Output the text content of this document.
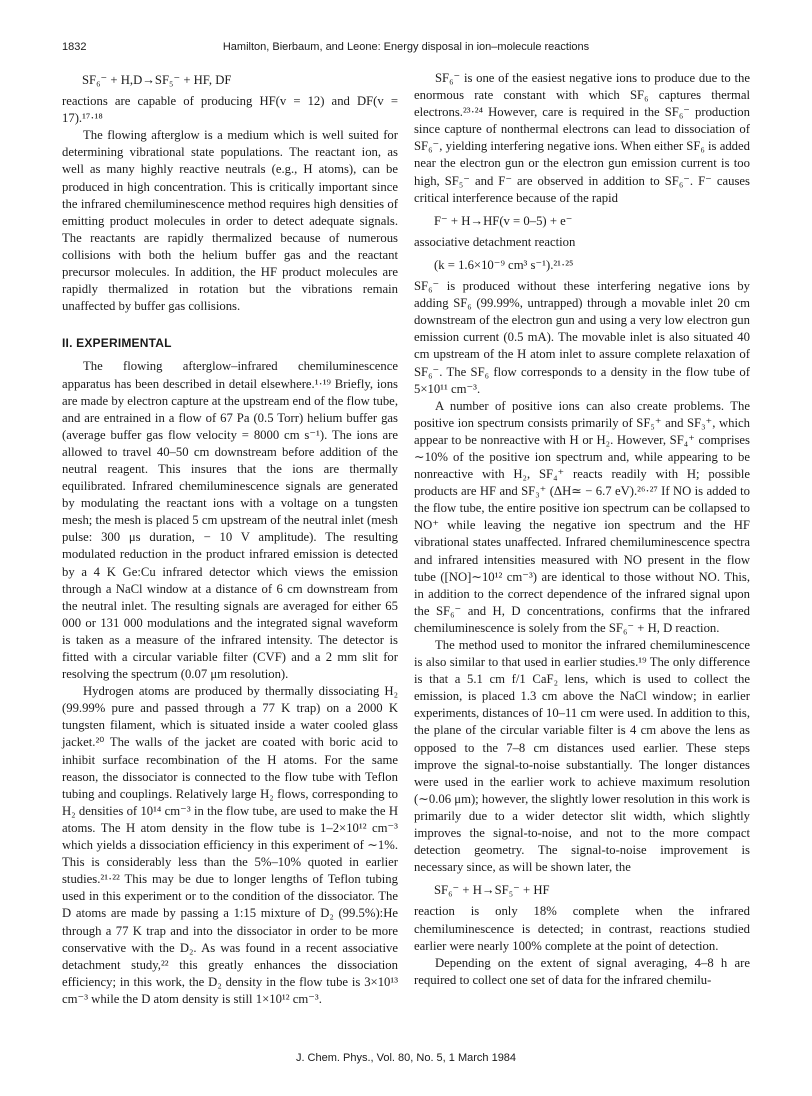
1832	Hamilton, Bierbaum, and Leone: Energy disposal in ion–molecule reactions

SF₆⁻ + H,D→SF₅⁻ + HF, DF

reactions are capable of producing HF(v = 12) and DF(v = 17).¹⁷·¹⁸

The flowing afterglow is a medium which is well suited for determining vibrational state populations. The reactant ion, as well as many highly reactive neutrals (e.g., H atoms), can be produced in high concentration. This is critically important since the infrared chemiluminescence method requires high densities of emitting product molecules in order to detect adequate signals. The reactants are rapidly thermalized because of numerous collisions with both the helium buffer gas and the reactant precursor molecules. In addition, the HF product molecules are rapidly thermalized in rotation but the vibrations remain unaffected by buffer gas collisions.

II. EXPERIMENTAL

The flowing afterglow–infrared chemiluminescence apparatus has been described in detail elsewhere.¹·¹⁹ Briefly, ions are made by electron capture at the upstream end of the flow tube, and are entrained in a flow of 67 Pa (0.5 Torr) helium buffer gas (average buffer gas flow velocity = 8000 cm s⁻¹). The ions are allowed to travel 40–50 cm downstream before addition of the neutral reagent. This insures that the ions are thermally equilibrated. Infrared chemiluminescence signals are generated by modulating the reactant ions with a voltage on a tungsten mesh; the mesh is placed 5 cm upstream of the neutral inlet (mesh pulse: 300 μs duration, − 10 V amplitude). The resulting modulated reduction in the product infrared emission is detected by a 4 K Ge:Cu infrared detector which views the emission through a NaCl window at a distance of 6 cm downstream from the neutral inlet. The resulting signals are averaged for either 65 000 or 131 000 modulations and the integrated signal waveform is taken as a measure of the infrared intensity. The detector is fitted with a circular variable filter (CVF) and a 2 mm slit for resolving the spectrum (0.07 μm resolution).

Hydrogen atoms are produced by thermally dissociating H₂ (99.99% pure and passed through a 77 K trap) on a 2000 K tungsten filament, which is situated inside a water cooled glass jacket.²⁰ The walls of the jacket are coated with boric acid to inhibit surface recombination of the H atoms. For the same reason, the dissociator is connected to the flow tube with Teflon tubing and couplings. Relatively large H₂ flows, corresponding to H₂ densities of 10¹⁴ cm⁻³ in the flow tube, are used to make the H atoms. The H atom density in the flow tube is 1–2×10¹² cm⁻³ which yields a dissociation efficiency in this experiment of ∼1%. This is considerably less than the 5%–10% quoted in earlier studies.²¹·²² This may be due to longer lengths of Teflon tubing used in this experiment or to the condition of the dissociator. The D atoms are made by passing a 1:15 mixture of D₂ (99.5%):He through a 77 K trap and into the dissociator in order to be more conservative with the D₂. As was found in a recent associative detachment study,²² this greatly enhances the dissociation efficiency; in this work, the D₂ density in the flow tube is 3×10¹³ cm⁻³ while the D atom density is still 1×10¹² cm⁻³.

SF₆⁻ is one of the easiest negative ions to produce due to the enormous rate constant with which SF₆ captures thermal electrons.²³·²⁴ However, care is required in the SF₆⁻ production since capture of nonthermal electrons can lead to dissociation of SF₆⁻, yielding interfering negative ions. When either SF₆ is added near the electron gun or the electron gun emission current is too high, SF₅⁻ and F⁻ are observed in addition to SF₆⁻. F⁻ causes critical interference because of the rapid

F⁻ + H→HF(v = 0–5) + e⁻

associative detachment reaction

(k = 1.6×10⁻⁹ cm³ s⁻¹).²¹·²⁵

SF₆⁻ is produced without these interfering negative ions by adding SF₆ (99.99%, untrapped) through a movable inlet 20 cm downstream of the electron gun and using a very low electron gun emission current (0.5 mA). The movable inlet is also situated 40 cm upstream of the H atom inlet to assure complete relaxation of SF₆⁻. The SF₆ flow corresponds to a density in the flow tube of 5×10¹¹ cm⁻³.

A number of positive ions can also create problems. The positive ion spectrum consists primarily of SF₅⁺ and SF₃⁺, which appear to be nonreactive with H or H₂. However, SF₄⁺ comprises ∼10% of the positive ion spectrum and, while appearing to be nonreactive with H₂, SF₄⁺ reacts readily with H; possible products are HF and SF₃⁺ (ΔH≃ − 6.7 eV).²⁶·²⁷ If NO is added to the flow tube, the entire positive ion spectrum can be collapsed to NO⁺ while leaving the negative ion spectrum and the HF vibrational states unaffected. Infrared chemiluminescence spectra and infrared intensities measured with NO present in the flow tube ([NO]∼10¹² cm⁻³) are identical to those without NO. This, in addition to the correct dependence of the infrared signal upon the SF₆⁻ and H, D concentrations, confirms that the infrared chemiluminescence is solely from the SF₆⁻ + H, D reaction.

The method used to monitor the infrared chemiluminescence is also similar to that used in earlier studies.¹⁹ The only difference is that a 5.1 cm f/1 CaF₂ lens, which is used to collect the emission, is placed 1.3 cm above the NaCl window; in earlier experiments, distances of 10–11 cm were used. In addition to this, the plane of the circular variable filter is 4 cm above the lens as opposed to the 7–8 cm distances used earlier. These steps improve the signal-to-noise substantially. The longer distances were used in the earlier work to achieve maximum resolution (∼0.06 μm); however, the slightly lower resolution in this work is primarily due to a wider detector slit width, which slightly improves the signal-to-noise, and not to the more compact detection geometry. The signal-to-noise improvement is necessary since, as will be shown later, the

SF₆⁻ + H→SF₅⁻ + HF

reaction is only 18% complete when the infrared chemiluminescence is detected; in contrast, reactions studied earlier were nearly 100% complete at the point of detection.

Depending on the extent of signal averaging, 4–8 h are required to collect one set of data for the infrared chemilu-

J. Chem. Phys., Vol. 80, No. 5, 1 March 1984
